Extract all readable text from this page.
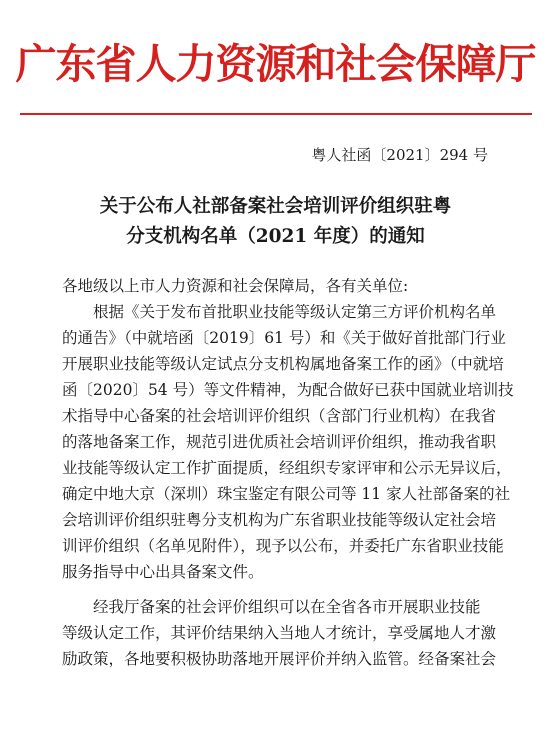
广东省人力资源和社会保障厅
粤人社函〔2021〕294 号
关于公布人社部备案社会培训评价组织驻粤
分支机构名单（2021 年度）的通知
各地级以上市人力资源和社会保障局，各有关单位:
　　根据《关于发布首批职业技能等级认定第三方评价机构名单
的通告》（中就培函〔2019〕61 号）和《关于做好首批部门行业
开展职业技能等级认定试点分支机构属地备案工作的函》（中就培
函〔2020〕54 号）等文件精神，为配合做好已获中国就业培训技
术指导中心备案的社会培训评价组织（含部门行业机构）在我省
的落地备案工作，规范引进优质社会培训评价组织，推动我省职
业技能等级认定工作扩面提质，经组织专家评审和公示无异议后，
确定中地大京（深圳）珠宝鉴定有限公司等 11 家人社部备案的社
会培训评价组织驻粤分支机构为广东省职业技能等级认定社会培
训评价组织（名单见附件），现予以公布，并委托广东省职业技能
服务指导中心出具备案文件。
　　经我厅备案的社会评价组织可以在全省各市开展职业技能
等级认定工作，其评价结果纳入当地人才统计，享受属地人才激
励政策，各地要积极协助落地开展评价并纳入监管。经备案社会
